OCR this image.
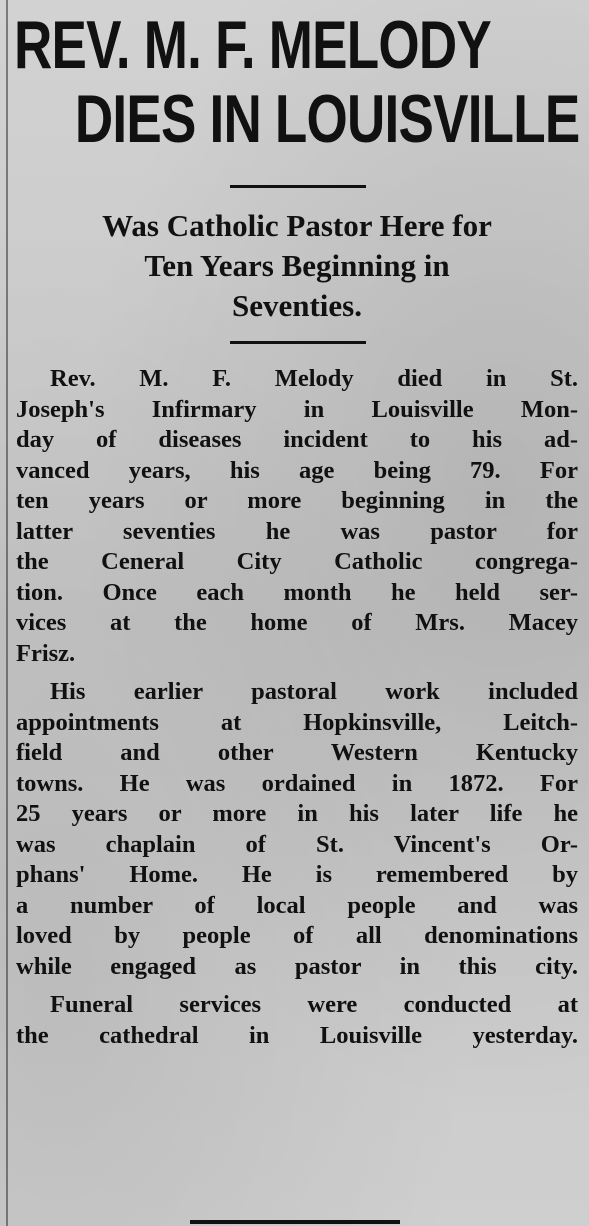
REV. M. F. MELODY
DIES IN LOUISVILLE
Was Catholic Pastor Here for
Ten Years Beginning in
Seventies.
Rev. M. F. Melody died in St.
Joseph's Infirmary in Louisville Mon-
day of diseases incident to his ad-
vanced years, his age being 79. For
ten years or more beginning in the
latter seventies he was pastor for
the Ceneral City Catholic congrega-
tion. Once each month he held ser-
vices at the home of Mrs. Macey
Frisz.
His earlier pastoral work included
appointments at Hopkinsville, Leitch-
field and other Western Kentucky
towns. He was ordained in 1872. For
25 years or more in his later life he
was chaplain of St. Vincent's Or-
phans' Home. He is remembered by
a number of local people and was
loved by people of all denominations
while engaged as pastor in this city.
Funeral services were conducted at
the cathedral in Louisville yesterday.
